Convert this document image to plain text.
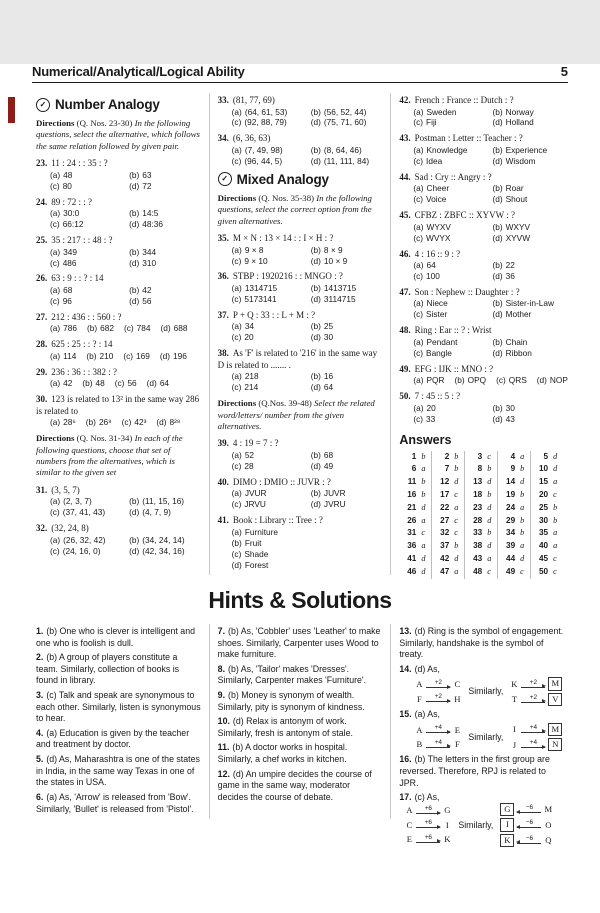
Numerical/Analytical/Logical Ability	5
✓ Number Analogy

Directions (Q. Nos. 23-30) In the following questions, select the alternative, which follows the same relation followed by given pair.

23. 11 : 24 : : 35 : ?
(a) 48	(b) 63
(c) 80	(d) 72
24. 89 : 72 : : ?
(a) 30:0	(b) 14:5
(c) 66:12	(d) 48:36
25. 35 : 217 : : 48 : ?
(a) 349	(b) 344
(c) 486	(d) 310
26. 63 : 9 : : ? : 14
(a) 68	(b) 42
(c) 96	(d) 56
27. 212 : 436 : : 560 : ?
(a) 786 (b) 682 (c) 784 (d) 688
28. 625 : 25 : : ? : 14
(a) 114 (b) 210 (c) 169 (d) 196
29. 236 : 36 : : 382 : ?
(a) 42 (b) 48 (c) 56 (d) 64
30. 123 is related to 13² in the same way 286 is related to
(a) 28⁶ (b) 26⁸ (c) 42³ (d) 8²⁸

Directions (Q. Nos. 31-34) In each of the following questions, choose that set of numbers from the alternatives, which is similar to the given set

31. (3, 5, 7)
(a) (2, 3, 7)	(b) (11, 15, 16)
(c) (37, 41, 43)	(d) (4, 7, 9)
32. (32, 24, 8)
(a) (26, 32, 42)	(b) (34, 24, 14)
(c) (24, 16, 0)	(d) (42, 34, 16)
33. (81, 77, 69)
(a) (64, 61, 53)	(b) (56, 52, 44)
(c) (92, 88, 79)	(d) (75, 71, 60)
34. (6, 36, 63)
(a) (7, 49, 98)	(b) (8, 64, 46)
(c) (96, 44, 5)	(d) (11, 111, 84)
✓ Mixed Analogy

Directions (Q. Nos. 35-38) In the following questions, select the correct option from the given alternatives.

35. M × N : 13 × 14 : : I × H : ?
(a) 9 × 8	(b) 8 × 9
(c) 9 × 10	(d) 10 × 9
36. STBP : 1920216 : : MNGO : ?
(a) 1314715	(b) 1413715
(c) 5173141	(d) 3114715
37. P + Q : 33 : : L + M : ?
(a) 34	(b) 25
(c) 20	(d) 30
38. As 'F' is related to '216' in the same way D is related to ....... .
(a) 218	(b) 16
(c) 214	(d) 64

Directions (Q.Nos. 39-48) Select the related word/letters/ number from the given alternatives.

39. 4 : 19 = 7 : ?
(a) 52	(b) 68
(c) 28	(d) 49
40. DIMO : DMIO :: JUVR : ?
(a) JVUR	(b) JUVR
(c) JRVU	(d) JVRU
41. Book : Library :: Tree : ?
(a) Furniture
(b) Fruit
(c) Shade
(d) Forest
42. French : France :: Dutch : ?
(a) Sweden	(b) Norway
(c) Fiji	(d) Holland
43. Postman : Letter :: Teacher : ?
(a) Knowledge	(b) Experience
(c) Idea	(d) Wisdom
44. Sad : Cry :: Angry : ?
(a) Cheer	(b) Roar
(c) Voice	(d) Shout
45. CFBZ : ZBFC :: XYVW : ?
(a) WYXV	(b) WXYV
(c) WVYX	(d) XYVW
46. 4 : 16 :: 9 : ?
(a) 64	(b) 22
(c) 100	(d) 36
47. Son : Nephew :: Daughter : ?
(a) Niece	(b) Sister-in-Law
(c) Sister	(d) Mother
48. Ring : Ear :: ? : Wrist
(a) Pendant	(b) Chain
(c) Bangle	(d) Ribbon
49. EFG : IJK :: MNO : ?
(a) PQR (b) OPQ (c) QRS (d) NOP
50. 7 : 45 :: 5 : ?
(a) 20	(b) 30
(c) 33	(d) 43
Answers
1 b	2 b	3 c	4 a	5 d
6 a	7 b	8 b	9 b	10 d
11 b	12 d	13 d	14 d	15 a
16 b	17 c	18 b	19 b	20 c
21 d	22 a	23 d	24 a	25 b
26 a	27 c	28 d	29 b	30 b
31 c	32 c	33 b	34 b	35 a
36 a	37 b	38 d	39 a	40 a
41 d	42 d	43 a	44 d	45 c
46 d	47 a	48 c	49 c	50 c
Hints & Solutions
1. (b) One who is clever is intelligent and one who is foolish is dull.
2. (b) A group of players constitute a team. Similarly, collection of books is found in library.
3. (c) Talk and speak are synonymous to each other. Similarly, listen is synonymous to hear.
4. (a) Education is given by the teacher and treatment by doctor.
5. (d) As, Maharashtra is one of the states in India, in the same way Texas in one of the states in USA.
6. (a) As, 'Arrow' is released from 'Bow'. Similarly, 'Bullet' is released from 'Pistol'.
7. (b) As, 'Cobbler' uses 'Leather' to make shoes. Similarly, Carpenter uses Wood to make furniture.
8. (b) As, 'Tailor' makes 'Dresses'. Similarly, Carpenter makes 'Furniture'.
9. (b) Money is synonym of wealth. Similarly, pity is synonym of kindness.
10. (d) Relax is antonym of work. Similarly, fresh is antonym of stale.
11. (b) A doctor works in hospital. Similarly, a chef works in kitchen.
12. (d) An umpire decides the course of game in the same way, moderator decides the course of debate.
13. (d) Ring is the symbol of engagement. Similarly, handshake is the symbol of treaty.
14. (d) As,
A +2 C
F +2 H
Similarly,
K +2	M
T +2	V
15. (a) As,
A +4 E
B +4 F
Similarly,
I	+4	M
J	+4	N
16. (b) The letters in the first group are reversed. Therefore, RPJ is related to JPR.
17. (c) As,
A +6 G
C +6 I
E +6 K
Similarly,
G	−6 M
I	−6 O
K	−6 Q
